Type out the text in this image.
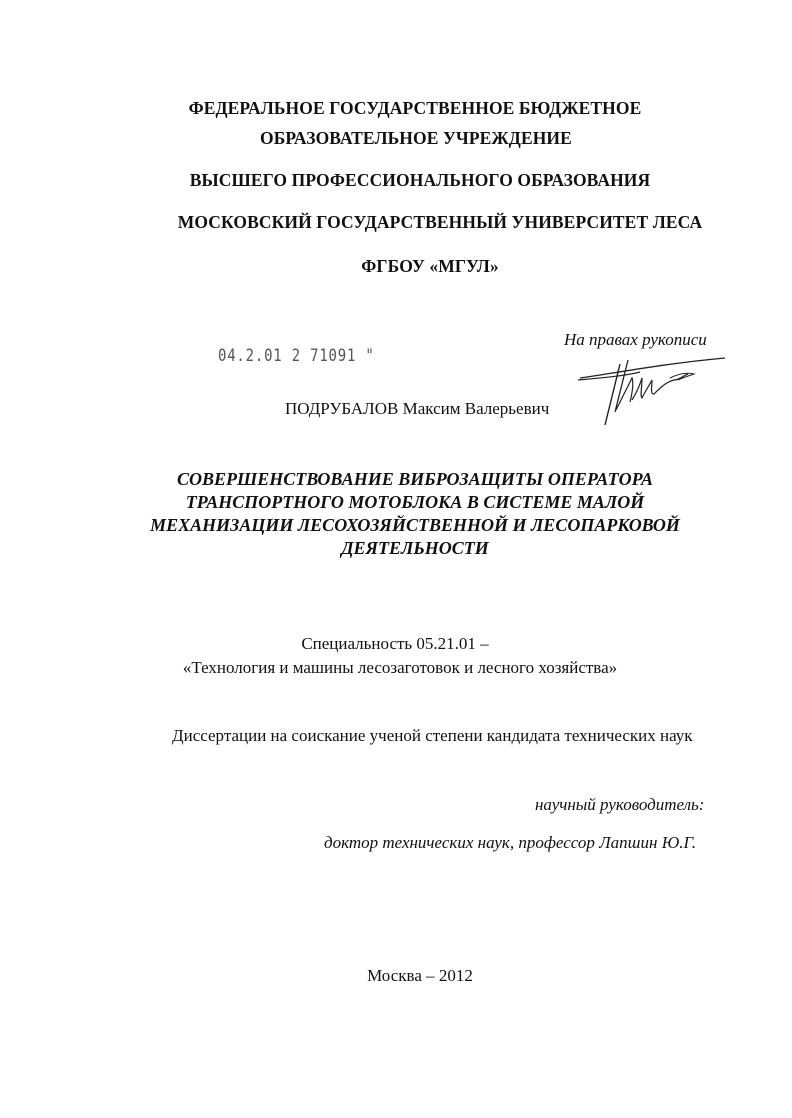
ФЕДЕРАЛЬНОЕ ГОСУДАРСТВЕННОЕ БЮДЖЕТНОЕ
ОБРАЗОВАТЕЛЬНОЕ УЧРЕЖДЕНИЕ
ВЫСШЕГО ПРОФЕССИОНАЛЬНОГО ОБРАЗОВАНИЯ
МОСКОВСКИЙ ГОСУДАРСТВЕННЫЙ УНИВЕРСИТЕТ ЛЕСА
ФГБОУ «МГУЛ»
04.2.01 2 71091 "
На правах рукописи
ПОДРУБАЛОВ Максим Валерьевич
СОВЕРШЕНСТВОВАНИЕ ВИБРОЗАЩИТЫ ОПЕРАТОРА
ТРАНСПОРТНОГО МОТОБЛОКА В СИСТЕМЕ МАЛОЙ
МЕХАНИЗАЦИИ ЛЕСОХОЗЯЙСТВЕННОЙ И ЛЕСОПАРКОВОЙ
ДЕЯТЕЛЬНОСТИ
Специальность 05.21.01 –
«Технология и машины лесозаготовок и лесного хозяйства»
Диссертации на соискание ученой степени кандидата технических наук
научный руководитель:
доктор технических наук, профессор Лапшин Ю.Г.
Москва – 2012
